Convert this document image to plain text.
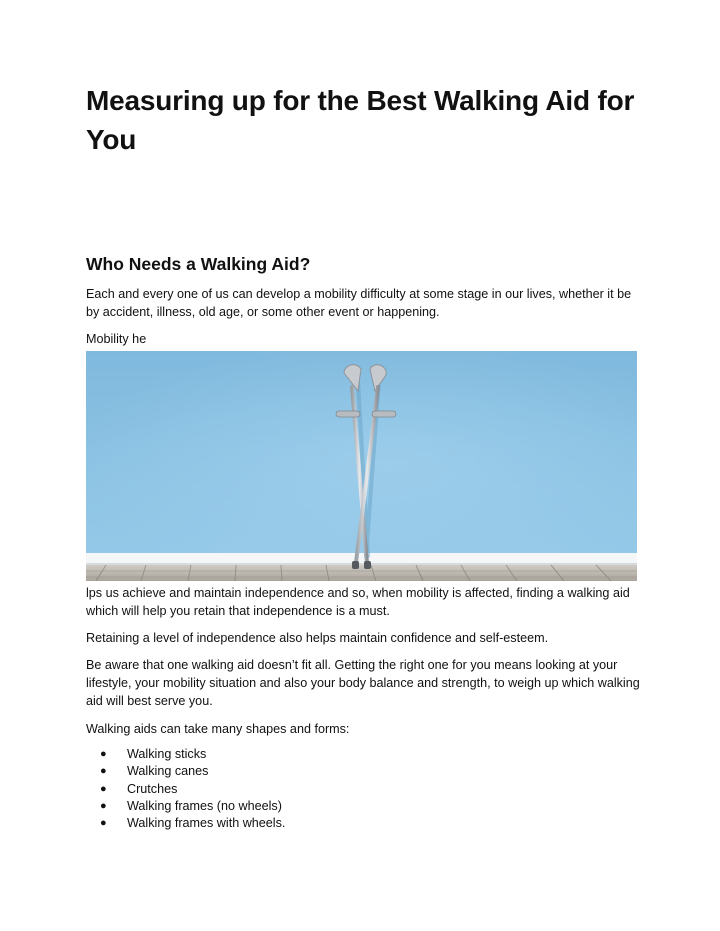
Measuring up for the Best Walking Aid for You
Who Needs a Walking Aid?

Each and every one of us can develop a mobility difficulty at some stage in our lives, whether it be by accident, illness, old age, or some other event or happening.

Mobility he

lps us achieve and maintain independence and so, when mobility is affected, finding a walking aid which will help you retain that independence is a must.

Retaining a level of independence also helps maintain confidence and self-esteem.

Be aware that one walking aid doesn’t fit all. Getting the right one for you means looking at your lifestyle, your mobility situation and also your body balance and strength, to weigh up which walking aid will best serve you.

Walking aids can take many shapes and forms:

● Walking sticks
● Walking canes
● Crutches
● Walking frames (no wheels)
● Walking frames with wheels.
